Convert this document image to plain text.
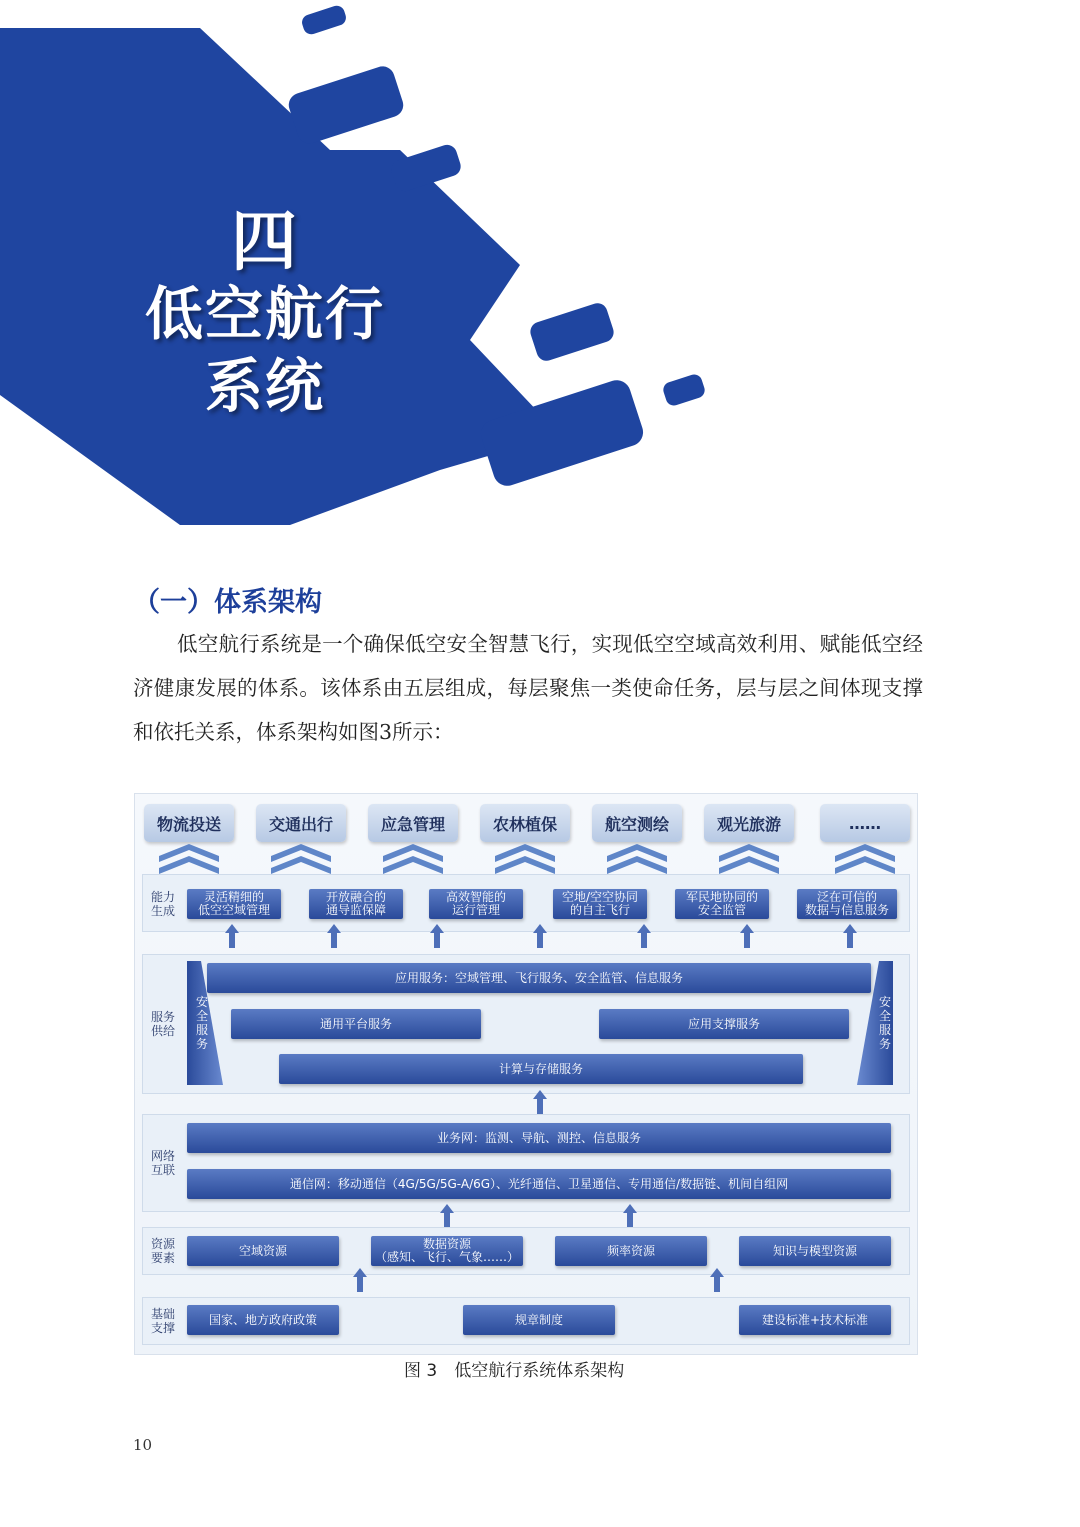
四
低空航行
系统
（一）体系架构
低空航行系统是一个确保低空安全智慧飞行，实现低空空域高效利用、赋能低空经济健康发展的体系。该体系由五层组成，每层聚焦一类使命任务，层与层之间体现支撑和依托关系，体系架构如图3所示：
物流投送	交通出行	应急管理	农林植保	航空测绘	观光旅游	……
能力
生成
灵活精细的
低空空域管理
开放融合的
通导监保障
高效智能的
运行管理
空地/空空协同
的自主飞行
军民地协同的
安全监管
泛在可信的
数据与信息服务
服务
供给
安全服务
安全服务
应用服务：空域管理、飞行服务、安全监管、信息服务
通用平台服务	应用支撑服务
计算与存储服务
网络
互联
业务网：监测、导航、测控、信息服务
通信网：移动通信（4G/5G/5G-A/6G）、光纤通信、卫星通信、专用通信/数据链、机间自组网
资源
要素
空域资源	数据资源
（感知、飞行、气象……）	频率资源	知识与模型资源
基础
支撑
国家、地方政府政策	规章制度	建设标准+技术标准
图 3　低空航行系统体系架构
10
